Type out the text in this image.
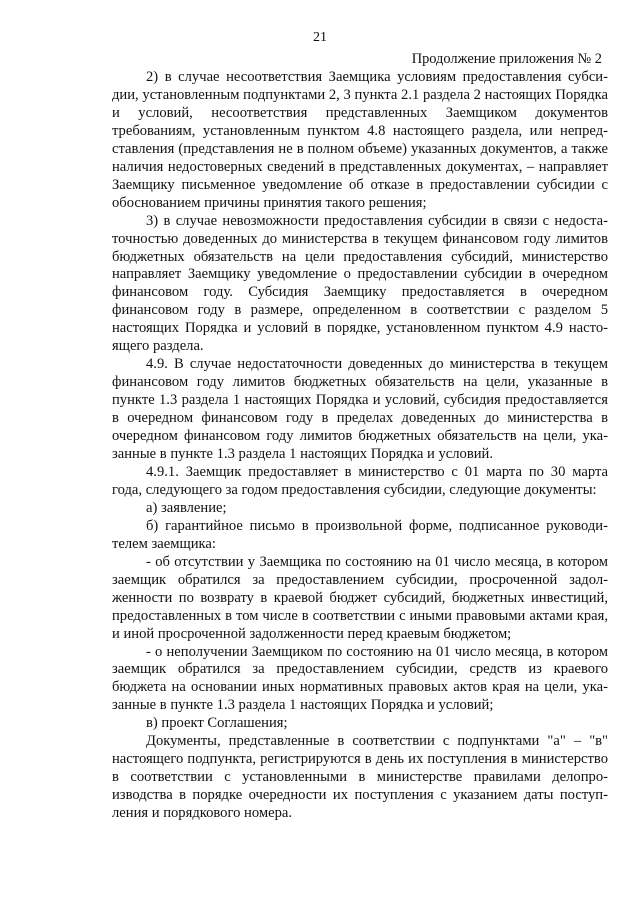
21
Продолжение приложения № 2

2) в случае несоответствия Заемщика условиям предоставления субсидии, установленным подпунктами 2, 3 пункта 2.1 раздела 2 настоящих Порядка и условий, несоответствия представленных Заемщиком документов требованиям, установленным пунктом 4.8 настоящего раздела, или непредставления (представления не в полном объеме) указанных документов, а также наличия недостоверных сведений в представленных документах, – направляет Заемщику письменное уведомление об отказе в предоставлении субсидии с обоснованием причины принятия такого решения;

3) в случае невозможности предоставления субсидии в связи с недостаточностью доведенных до министерства в текущем финансовом году лимитов бюджетных обязательств на цели предоставления субсидий, министерство направляет Заемщику уведомление о предоставлении субсидии в очередном финансовом году. Субсидия Заемщику предоставляется в очередном финансовом году в размере, определенном в соответствии с разделом 5 настоящих Порядка и условий в порядке, установленном пунктом 4.9 настоящего раздела.

4.9. В случае недостаточности доведенных до министерства в текущем финансовом году лимитов бюджетных обязательств на цели, указанные в пункте 1.3 раздела 1 настоящих Порядка и условий, субсидия предоставляется в очередном финансовом году в пределах доведенных до министерства в очередном финансовом году лимитов бюджетных обязательств на цели, указанные в пункте 1.3 раздела 1 настоящих Порядка и условий.

4.9.1. Заемщик предоставляет в министерство с 01 марта по 30 марта года, следующего за годом предоставления субсидии, следующие документы:

а) заявление;

б) гарантийное письмо в произвольной форме, подписанное руководителем заемщика:

- об отсутствии у Заемщика по состоянию на 01 число месяца, в котором заемщик обратился за предоставлением субсидии, просроченной задолженности по возврату в краевой бюджет субсидий, бюджетных инвестиций, предоставленных в том числе в соответствии с иными правовыми актами края, и иной просроченной задолженности перед краевым бюджетом;

- о неполучении Заемщиком по состоянию на 01 число месяца, в котором заемщик обратился за предоставлением субсидии, средств из краевого бюджета на основании иных нормативных правовых актов края на цели, указанные в пункте 1.3 раздела 1 настоящих Порядка и условий;

в) проект Соглашения;

Документы, представленные в соответствии с подпунктами "а" – "в" настоящего подпункта, регистрируются в день их поступления в министерство в соответствии с установленными в министерстве правилами делопроизводства в порядке очередности их поступления с указанием даты поступления и порядкового номера.
